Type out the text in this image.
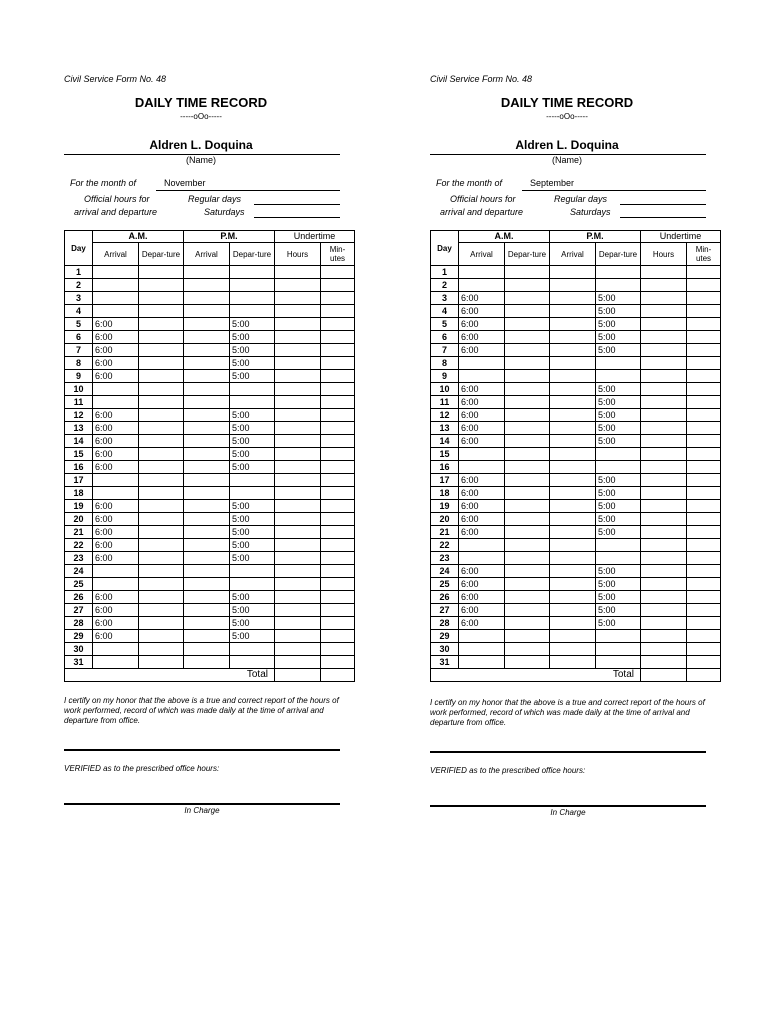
Civil Service Form No. 48
DAILY TIME RECORD
-----oOo-----
Aldren L. Doquina
(Name)
For the month of	November
Official hours for	Regular days
arrival and departure	Saturdays
Day	A.M.		P.M.		Undertime	
	Arrival	Depar-ture	Arrival	Depar-ture	Hours	Min-utes
1						
2						
3						
4						
5	6:00			5:00		
6	6:00			5:00		
7	6:00			5:00		
8	6:00			5:00		
9	6:00			5:00		
10						
11						
12	6:00			5:00		
13	6:00			5:00		
14	6:00			5:00		
15	6:00			5:00		
16	6:00			5:00		
17						
18						
19	6:00			5:00		
20	6:00			5:00		
21	6:00			5:00		
22	6:00			5:00		
23	6:00			5:00		
24						
25						
26	6:00			5:00		
27	6:00			5:00		
28	6:00			5:00		
29	6:00			5:00		
30						
31						
Total						
I certify on my honor that the above is a true and correct report of the hours of work performed, record of which was made daily at the time of arrival and departure from office.
VERIFIED as to the prescribed office hours:
In Charge
Civil Service Form No. 48
DAILY TIME RECORD
-----oOo-----
Aldren L. Doquina
(Name)
For the month of	September
Official hours for	Regular days
arrival and departure	Saturdays
Day	A.M.		P.M.		Undertime	
	Arrival	Depar-ture	Arrival	Depar-ture	Hours	Min-utes
1						
2						
3	6:00			5:00		
4	6:00			5:00		
5	6:00			5:00		
6	6:00			5:00		
7	6:00			5:00		
8						
9						
10	6:00			5:00		
11	6:00			5:00		
12	6:00			5:00		
13	6:00			5:00		
14	6:00			5:00		
15						
16						
17	6:00			5:00		
18	6:00			5:00		
19	6:00			5:00		
20	6:00			5:00		
21	6:00			5:00		
22						
23						
24	6:00			5:00		
25	6:00			5:00		
26	6:00			5:00		
27	6:00			5:00		
28	6:00			5:00		
29						
30						
31						
Total						
I certify on my honor that the above is a true and correct report of the hours of work performed, record of which was made daily at the time of arrival and departure from office.
VERIFIED as to the prescribed office hours:
In Charge
